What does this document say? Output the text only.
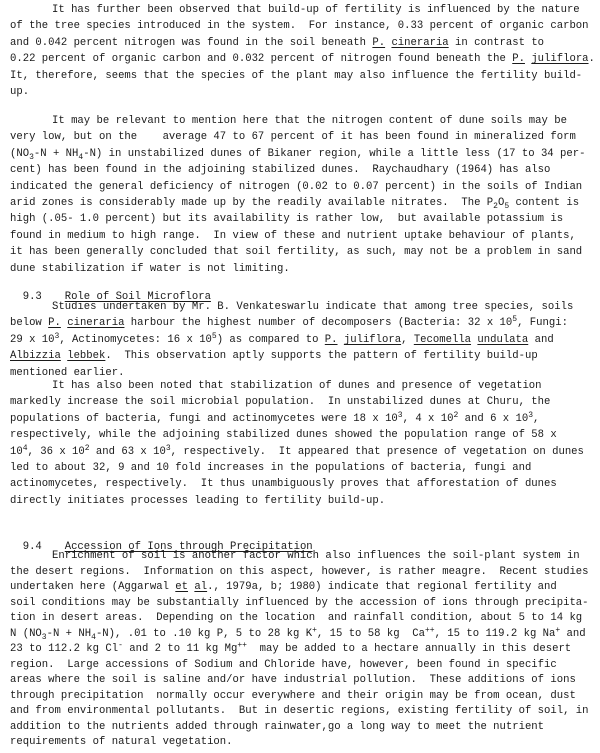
It has further been observed that build-up of fertility is influenced by the nature
of the tree species introduced in the system.  For instance, 0.33 percent of organic carbon
and 0.042 percent nitrogen was found in the soil beneath P. cineraria in contrast to
0.22 percent of organic carbon and 0.032 percent of nitrogen found beneath the P. juliflora.
It, therefore, seems that the species of the plant may also influence the fertility build-
up.
It may be relevant to mention here that the nitrogen content of dune soils may be
very low, but on the    average 47 to 67 percent of it has been found in mineralized form
$(NO_3-N + NH_4-N)$ in unstabilized dunes of Bikaner region, while a little less (17 to 34 per-
cent) has been found in the adjoining stabilized dunes.  Raychaudhary (1964) has also
indicated the general deficiency of nitrogen (0.02 to 0.07 percent) in the soils of Indian
arid zones is considerably made up by the readily available nitrates.  The $P_2O_5$ content is
high (.05- 1.0 percent) but its availability is rather low,  but available potassium is
found in medium to high range.  In view of these and nutrient uptake behaviour of plants,
it has been generally concluded that soil fertility, as such, may not be a problem in sand
dune stabilization if water is not limiting.

9.3 Role of Soil Microflora

Studies undertaken by Mr. B. Venkateswarlu indicate that among tree species, soils
below P. cineraria harbour the highest number of decomposers (Bacteria: 32 x $10^5$, Fungi:
29 x $10^3$, Actinomycetes: 16 x $10^5$) as compared to P. juliflora, Tecomella undulata and
Albizzia lebbek.  This observation aptly supports the pattern of fertility build-up
mentioned earlier.
It has also been noted that stabilization of dunes and presence of vegetation
markedly increase the soil microbial population.  In unstabilized dunes at Churu, the
populations of bacteria, fungi and actinomycetes were 18 x $10^3$, 4 x $10^2$ and 6 x $10^3$,
respectively, while the adjoining stabilized dunes showed the population range of 58 x
$10^4$, 36 x $10^2$ and 63 x $10^3$, respectively.  It appeared that presence of vegetation on dunes
led to about 32, 9 and 10 fold increases in the populations of bacteria, fungi and
actinomycetes, respectively.  It thus unambiguously proves that afforestation of dunes
directly initiates processes leading to fertility build-up.

9.4 Accession of Ions through Precipitation

Enrichment of soil is another factor which also influences the soil-plant system in
the desert regions.  Information on this aspect, however, is rather meagre.  Recent studies
undertaken here (Aggarwal et al., 1979a, b; 1980) indicate that regional fertility and
soil conditions may be substantially influenced by the accession of ions through precipita-
tion in desert areas.  Depending on the location  and rainfall condition, about 5 to 14 kg
N $(NO_3-N + NH_4-N)$, .01 to .10 kg P, 5 to 28 kg K+, 15 to 58 kg  Ca++, 15 to 119.2 kg Na+ and
23 to 112.2 kg Cl- and 2 to 11 kg Mg++  may be added to a hectare annually in this desert
region.  Large accessions of Sodium and Chloride have, however, been found in specific
areas where the soil is saline and/or have industrial pollution.  These additions of ions
through precipitation  normally occur everywhere and their origin may be from ocean, dust
and from environmental pollutants.  But in desertic regions, existing fertility of soil, in
addition to the nutrients added through rainwater,go a long way to meet the nutrient
requirements of natural vegetation.
